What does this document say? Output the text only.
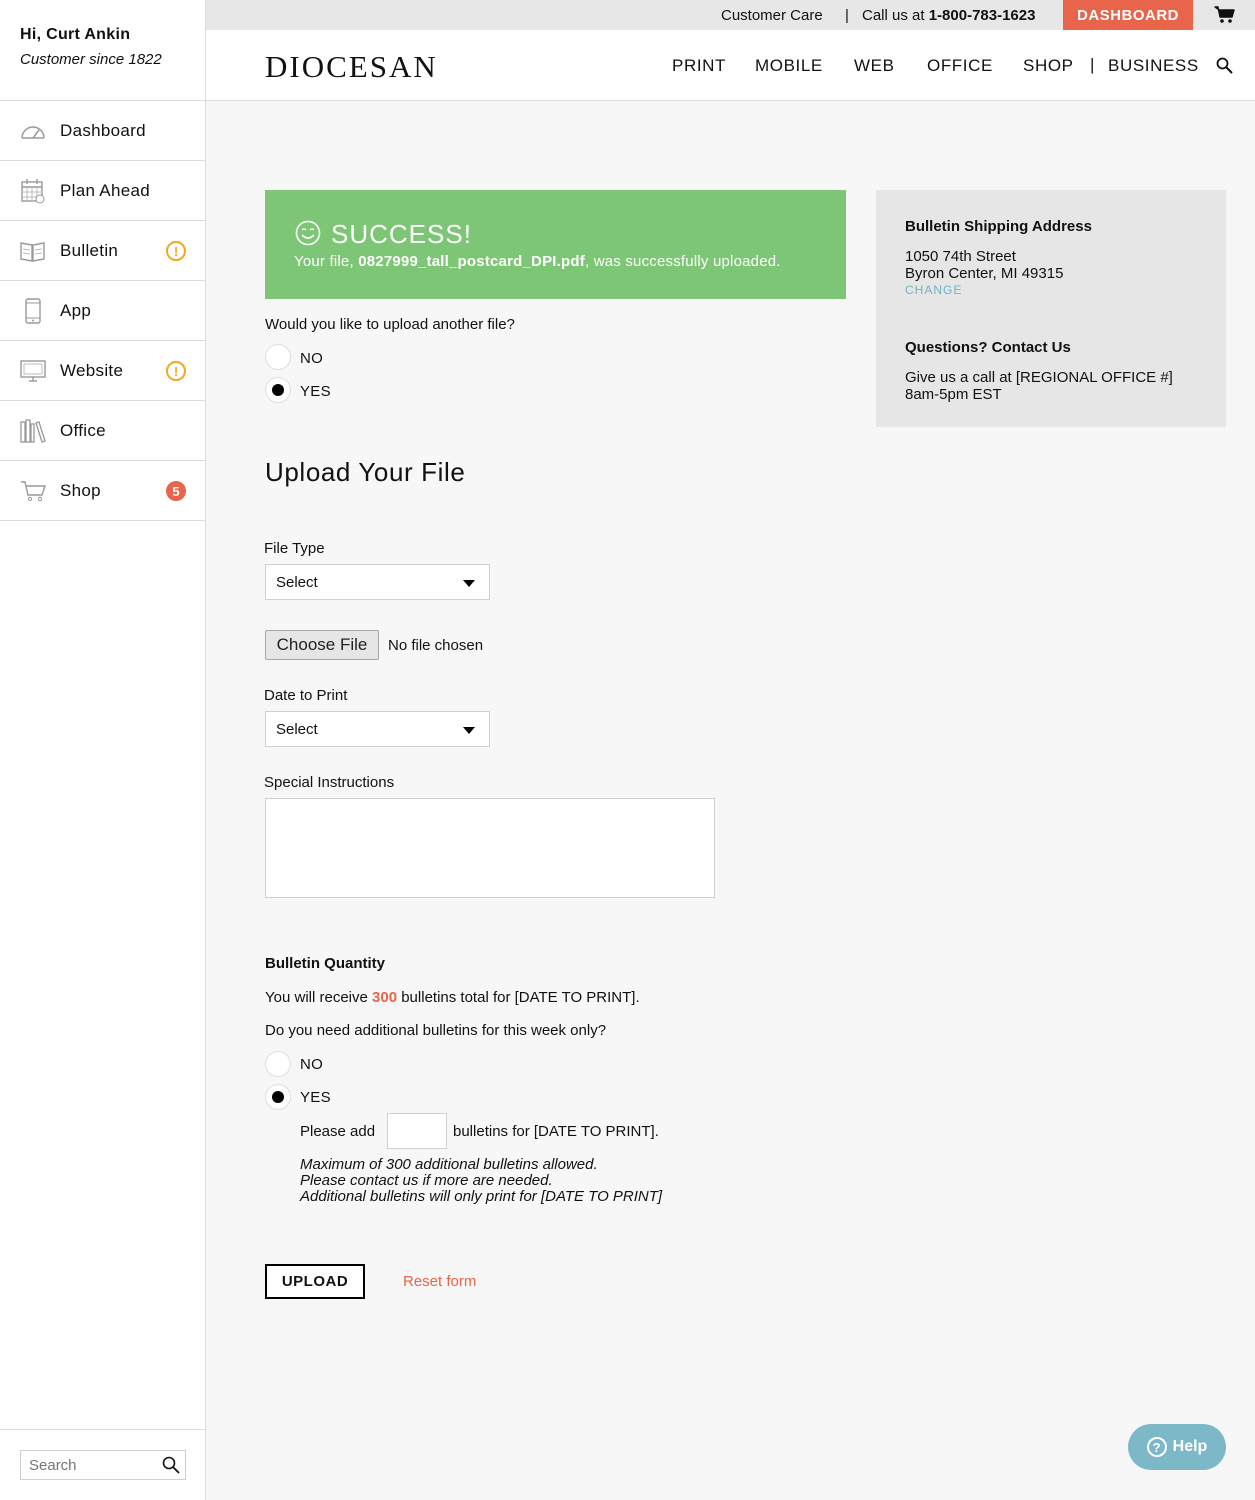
Hi, Curt Ankin
Customer since 1822
Dashboard
Plan Ahead
Bulletin	!
App
Website	!
Office
Shop	5
Search
Customer Care | Call us at 1-800-783-1623	DASHBOARD
DIOCESAN	PRINT MOBILE WEB OFFICE SHOP | BUSINESS
SUCCESS!
Your file, 0827999_tall_postcard_DPI.pdf, was successfully uploaded.
Bulletin Shipping Address
1050 74th Street
Byron Center, MI 49315
CHANGE
Questions? Contact Us
Give us a call at [REGIONAL OFFICE #]
8am-5pm EST
Would you like to upload another file?
NO
YES
Upload Your File
File Type
Select
Choose File	No file chosen
Date to Print
Select
Special Instructions
Bulletin Quantity
You will receive 300 bulletins total for [DATE TO PRINT].
Do you need additional bulletins for this week only?
NO
YES
Please add	bulletins for [DATE TO PRINT].
Maximum of 300 additional bulletins allowed.
Please contact us if more are needed.
Additional bulletins will only print for [DATE TO PRINT]
UPLOAD	Reset form
? Help
